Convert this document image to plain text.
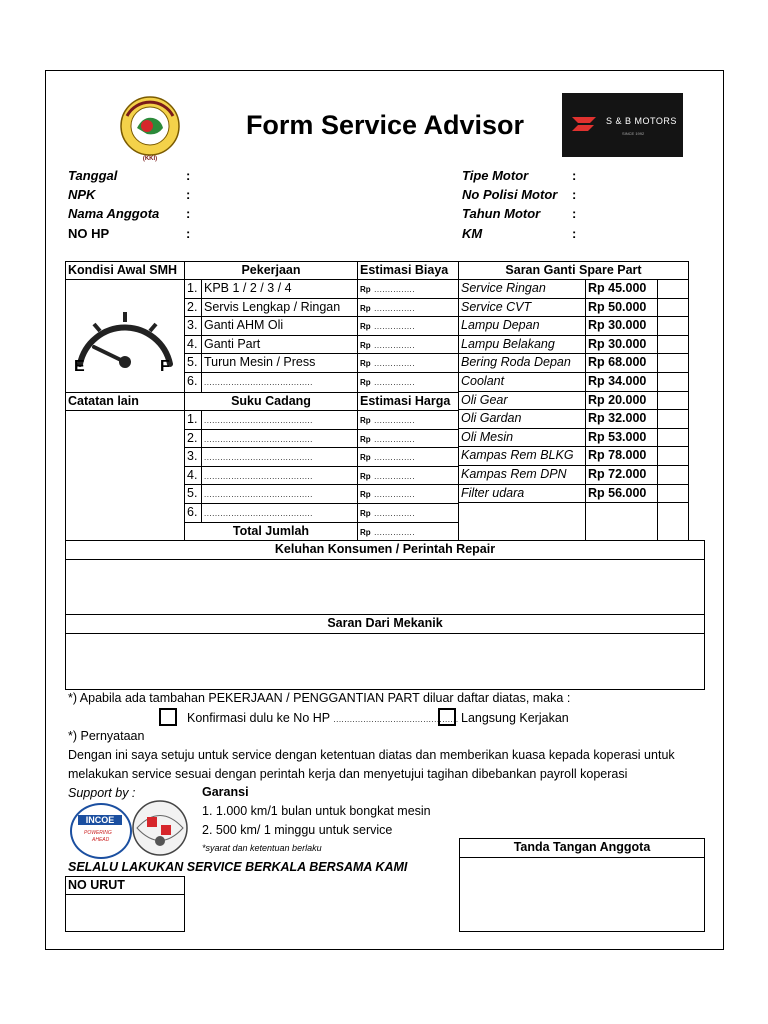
(KKI)
Form Service Advisor	S & B MOTORS
SINCE 1992
Tanggal	:
NPK	:
Nama Anggota :
NO HP	:
Tipe Motor	:
No Polisi Motor :
Tahun Motor :
KM	:
Kondisi Awal SMH	Pekerjaan	Estimasi Biaya	Saran Ganti Spare Part
E	F
1. KPB 1 / 2 / 3 / 4	Rp ...............
2. Servis Lengkap / Ringan	Rp ...............
3. Ganti AHM Oli	Rp ...............
4. Ganti Part	Rp ...............
5. Turun Mesin / Press	Rp ...............
6. ........................................	Rp ...............
Catatan lain	Suku Cadang	Estimasi Harga
1. ........................................	Rp ...............
2. ........................................	Rp ...............
3. ........................................	Rp ...............
4. ........................................	Rp ...............
5. ........................................	Rp ...............
6. ........................................	Rp ...............
Total Jumlah	Rp ...............
Service Ringan	Rp 45.000
Service CVT	Rp 50.000
Lampu Depan	Rp 30.000
Lampu Belakang	Rp 30.000
Bering Roda Depan	Rp 68.000
Coolant	Rp 34.000
Oli Gear	Rp 20.000
Oli Gardan	Rp 32.000
Oli Mesin	Rp 53.000
Kampas Rem BLKG	Rp 78.000
Kampas Rem DPN	Rp 72.000
Filter udara	Rp 56.000
Keluhan Konsumen / Perintah Repair
Saran Dari Mekanik
*) Apabila ada tambahan PEKERJAAN / PENGGANTIAN PART diluar daftar diatas, maka :
Konfirmasi dulu ke No HP .............................................. Langsung Kerjakan
*) Pernyataan
Dengan ini saya setuju untuk service dengan ketentuan diatas dan memberikan kuasa kepada koperasi untuk
melakukan service sesuai dengan perintah kerja dan menyetujui tagihan dibebankan payroll koperasi
Support by :
INCOE
POWERING
AHEAD
Garansi
1. 1.000 km/1 bulan untuk bongkat mesin
2. 500 km/ 1 minggu untuk service
*syarat dan ketentuan berlaku
SELALU LAKUKAN SERVICE BERKALA BERSAMA KAMI
NO URUT
Tanda Tangan Anggota
